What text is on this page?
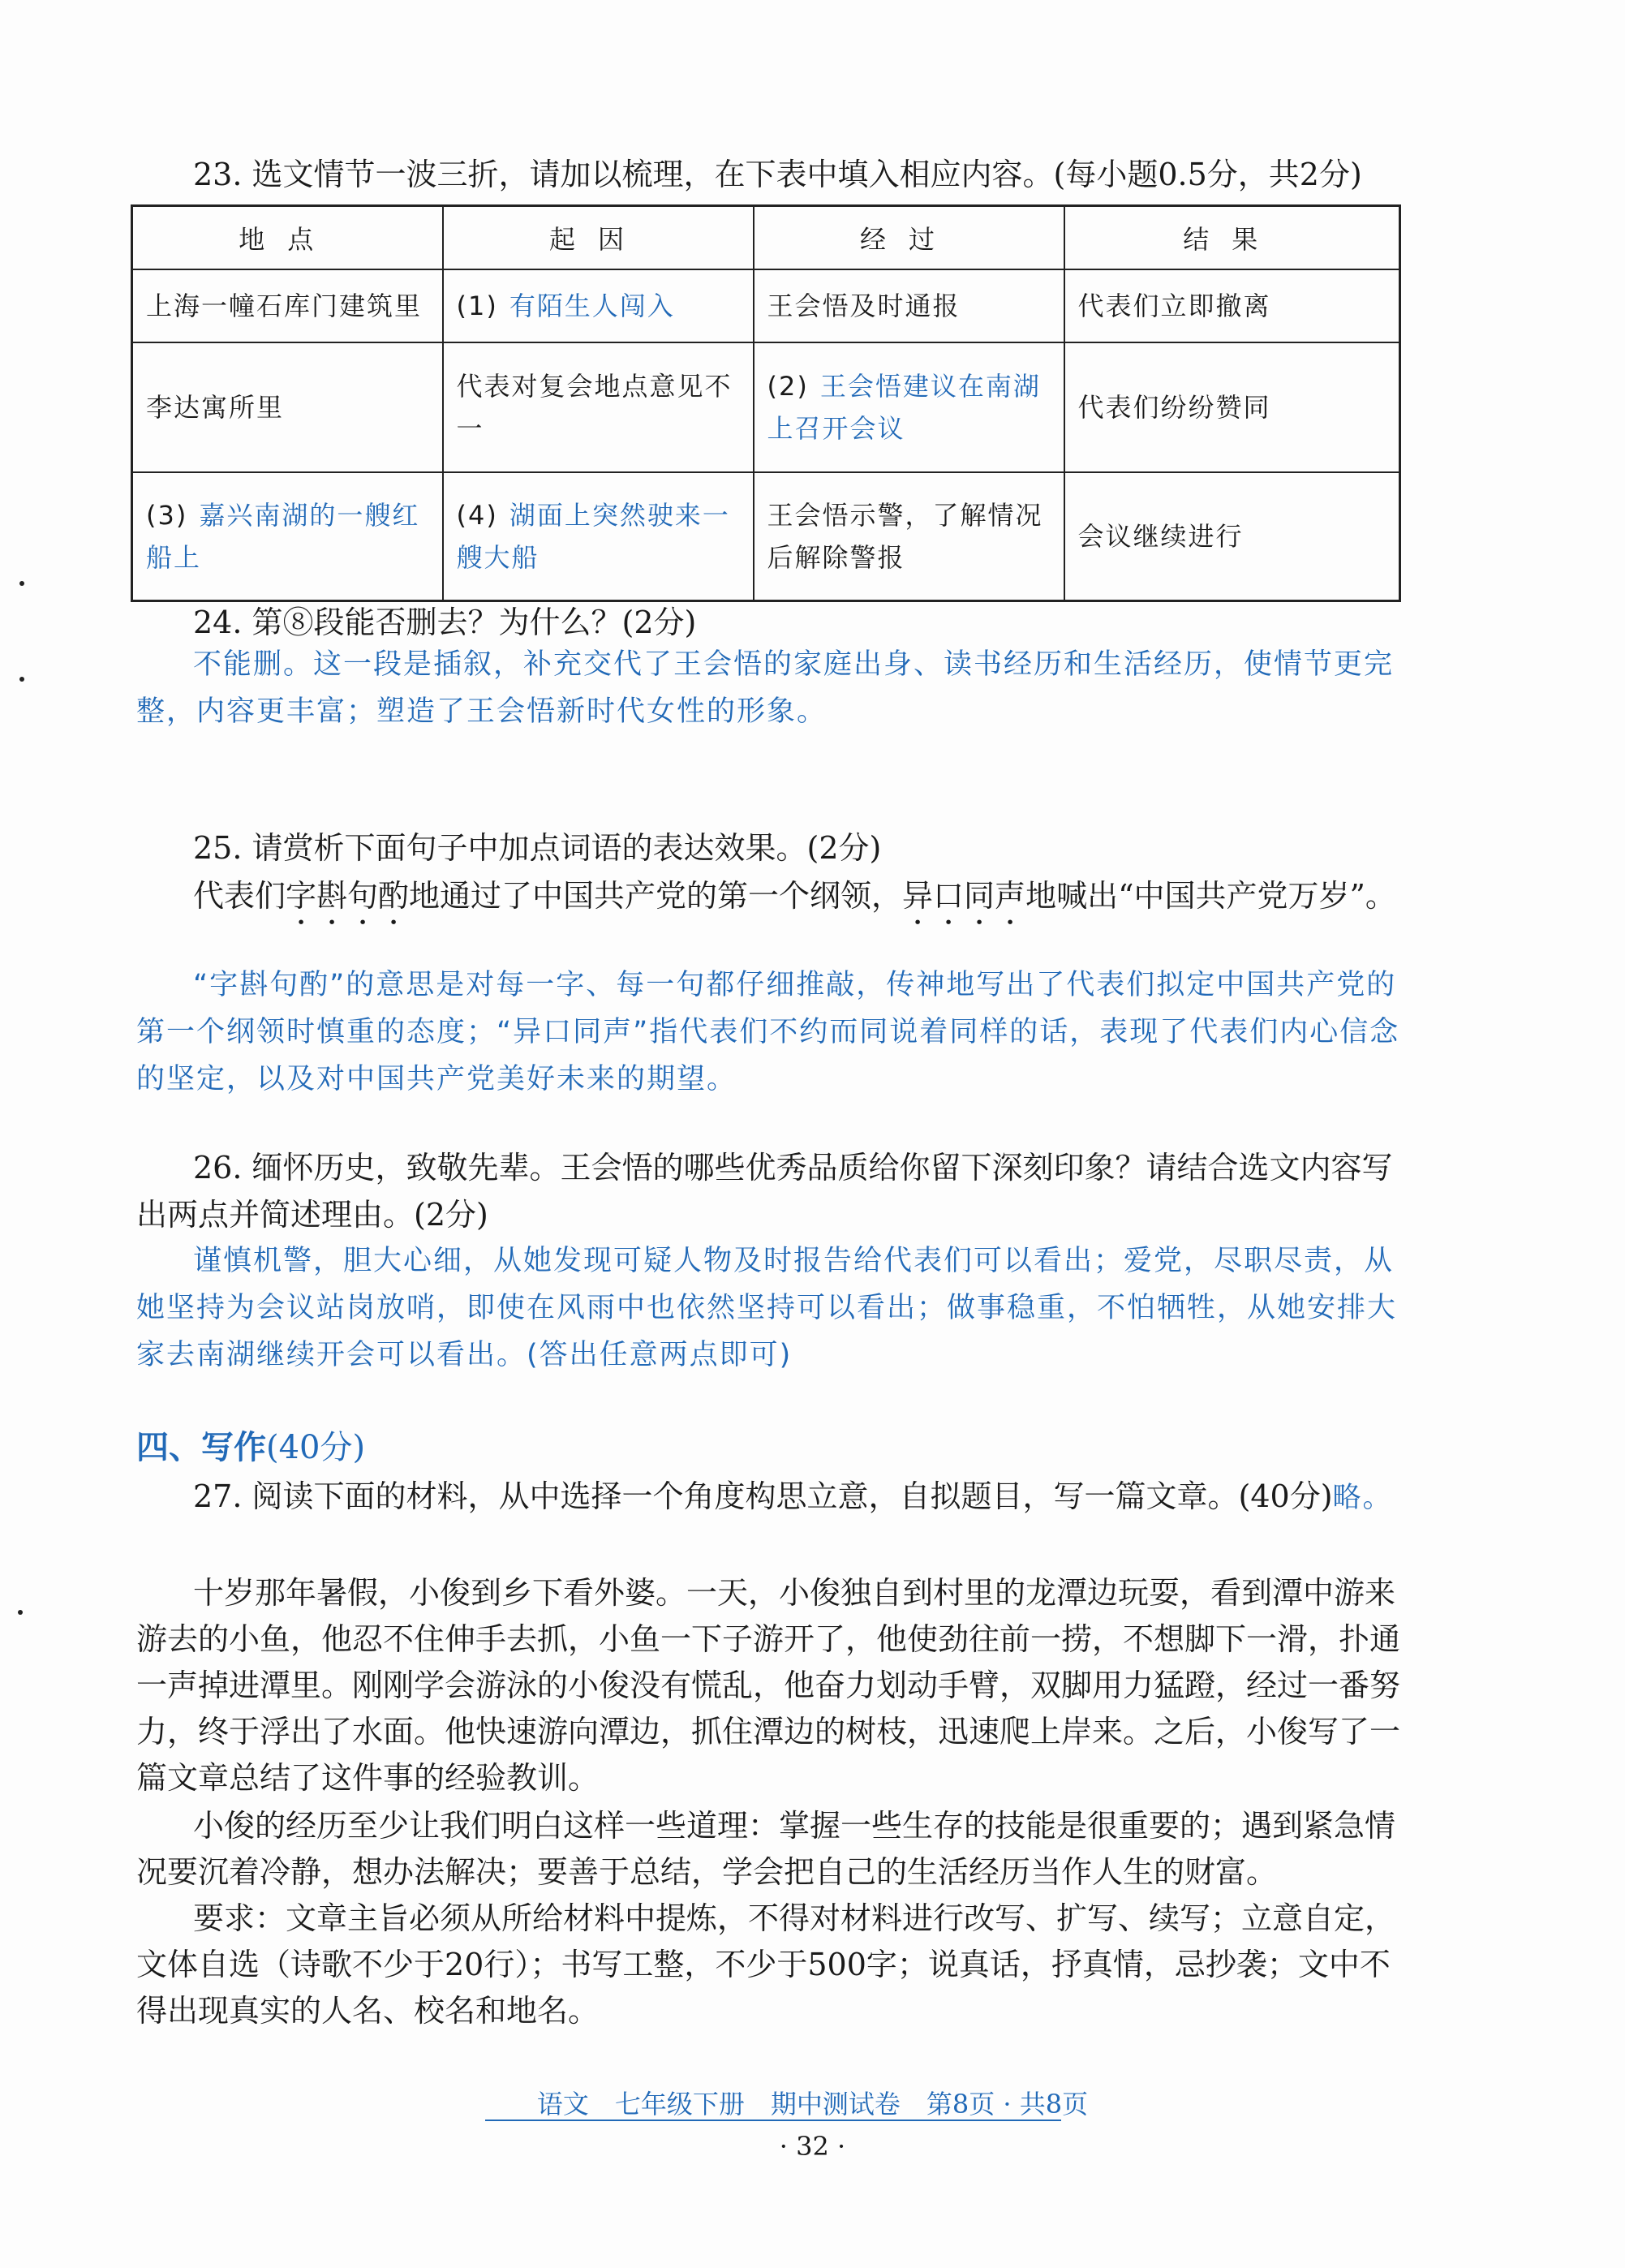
23. 选文情节一波三折，请加以梳理，在下表中填入相应内容。(每小题0.5分，共2分)
地点	起因	经过	结果
上海一幢石库门建筑里	(1) 有陌生人闯入	王会悟及时通报	代表们立即撤离
李达寓所里	代表对复会地点意见不一	(2) 王会悟建议在南湖上召开会议	代表们纷纷赞同
(3) 嘉兴南湖的一艘红船上	(4) 湖面上突然驶来一艘大船	王会悟示警，了解情况后解除警报	会议继续进行
24. 第⑧段能否删去？为什么？(2分)
不能删。这一段是插叙，补充交代了王会悟的家庭出身、读书经历和生活经历，使情节更完整，内容更丰富；塑造了王会悟新时代女性的形象。
25. 请赏析下面句子中加点词语的表达效果。(2分)
代表们字斟句酌地通过了中国共产党的第一个纲领，异口同声地喊出“中国共产党万岁”。
“字斟句酌”的意思是对每一字、每一句都仔细推敲，传神地写出了代表们拟定中国共产党的第一个纲领时慎重的态度；“异口同声”指代表们不约而同说着同样的话，表现了代表们内心信念的坚定，以及对中国共产党美好未来的期望。
26. 缅怀历史，致敬先辈。王会悟的哪些优秀品质给你留下深刻印象？请结合选文内容写出两点并简述理由。(2分)
谨慎机警，胆大心细，从她发现可疑人物及时报告给代表们可以看出；爱党，尽职尽责，从她坚持为会议站岗放哨，即使在风雨中也依然坚持可以看出；做事稳重，不怕牺牲，从她安排大家去南湖继续开会可以看出。(答出任意两点即可)
四、写作(40分)
27. 阅读下面的材料，从中选择一个角度构思立意，自拟题目，写一篇文章。(40分)略。
十岁那年暑假，小俊到乡下看外婆。一天，小俊独自到村里的龙潭边玩耍，看到潭中游来游去的小鱼，他忍不住伸手去抓，小鱼一下子游开了，他使劲往前一捞，不想脚下一滑，扑通一声掉进潭里。刚刚学会游泳的小俊没有慌乱，他奋力划动手臂，双脚用力猛蹬，经过一番努力，终于浮出了水面。他快速游向潭边，抓住潭边的树枝，迅速爬上岸来。之后，小俊写了一篇文章总结了这件事的经验教训。
小俊的经历至少让我们明白这样一些道理：掌握一些生存的技能是很重要的；遇到紧急情况要沉着冷静，想办法解决；要善于总结，学会把自己的生活经历当作人生的财富。
要求：文章主旨必须从所给材料中提炼，不得对材料进行改写、扩写、续写；立意自定，文体自选（诗歌不少于20行）；书写工整，不少于500字；说真话，抒真情，忌抄袭；文中不得出现真实的人名、校名和地名。
语文　七年级下册　期中测试卷　第8页 · 共8页
· 32 ·
